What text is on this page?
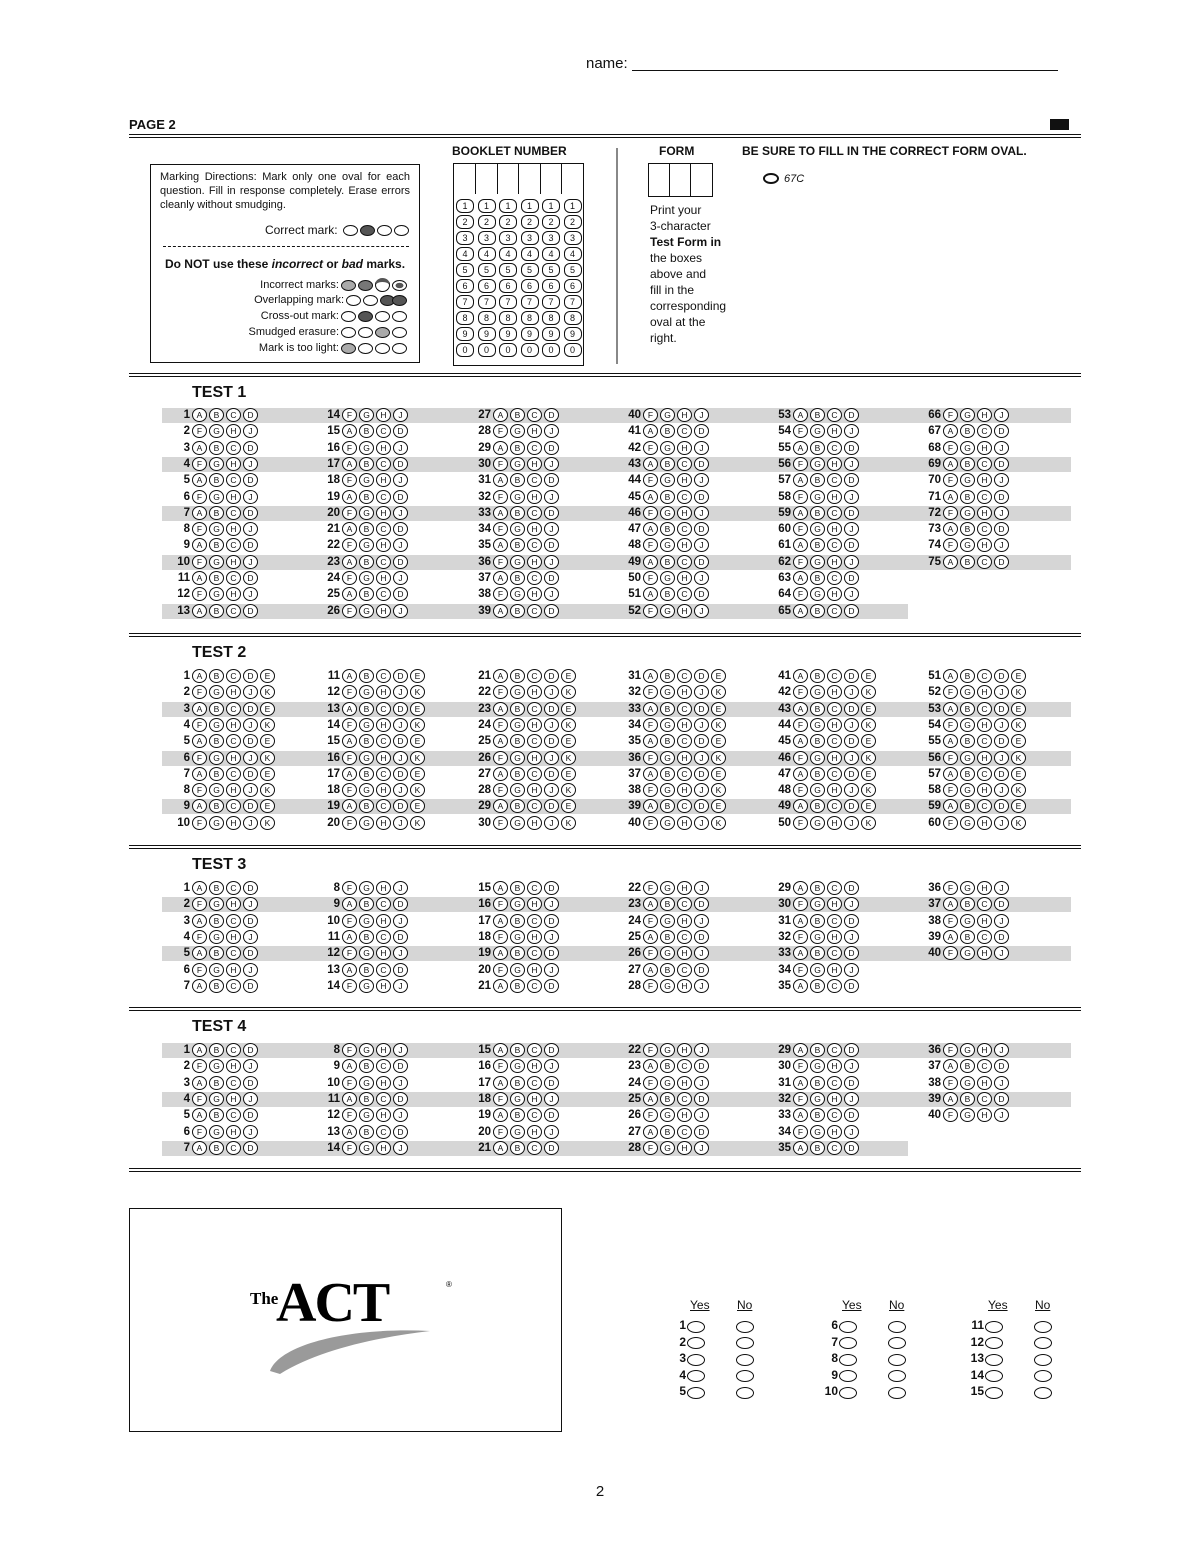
name:
PAGE 2
Marking Directions: Mark only one oval for each question. Fill in response completely. Erase errors cleanly without smudging.
Correct mark:
Do NOT use these incorrect or bad marks.
Incorrect marks:
Overlapping mark:
Cross-out mark:
Smudged erasure:
Mark is too light:
BOOKLET NUMBER
1
2
3
4
5
6
7
8
9
0
1
2
3
4
5
6
7
8
9
0
1
2
3
4
5
6
7
8
9
0
1
2
3
4
5
6
7
8
9
0
1
2
3
4
5
6
7
8
9
0
1
2
3
4
5
6
7
8
9
0
FORM
Print your
3-character
Test Form in
the boxes
above and
fill in the
corresponding
oval at the
right.
BE SURE TO FILL IN THE CORRECT FORM OVAL.
67C
TEST 1
TEST 2
TEST 3
TEST 4
1 A B C D
2 F G H J
3 A B C D
4 F G H J
5 A B C D
6 F G H J
7 A B C D
8 F G H J
9 A B C D
10 F G H J
11 A B C D
12 F G H J
13 A B C D
14 F G H J
15 A B C D
16 F G H J
17 A B C D
18 F G H J
19 A B C D
20 F G H J
21 A B C D
22 F G H J
23 A B C D
24 F G H J
25 A B C D
26 F G H J
27 A B C D
28 F G H J
29 A B C D
30 F G H J
31 A B C D
32 F G H J
33 A B C D
34 F G H J
35 A B C D
36 F G H J
37 A B C D
38 F G H J
39 A B C D
40 F G H J
41 A B C D
42 F G H J
43 A B C D
44 F G H J
45 A B C D
46 F G H J
47 A B C D
48 F G H J
49 A B C D
50 F G H J
51 A B C D
52 F G H J
53 A B C D
54 F G H J
55 A B C D
56 F G H J
57 A B C D
58 F G H J
59 A B C D
60 F G H J
61 A B C D
62 F G H J
63 A B C D
64 F G H J
65 A B C D
66 F G H J
67 A B C D
68 F G H J
69 A B C D
70 F G H J
71 A B C D
72 F G H J
73 A B C D
74 F G H J
75 A B C D
1 A B C D E
2 F G H J K
3 A B C D E
4 F G H J K
5 A B C D E
6 F G H J K
7 A B C D E
8 F G H J K
9 A B C D E
10 F G H J K
11 A B C D E
12 F G H J K
13 A B C D E
14 F G H J K
15 A B C D E
16 F G H J K
17 A B C D E
18 F G H J K
19 A B C D E
20 F G H J K
21 A B C D E
22 F G H J K
23 A B C D E
24 F G H J K
25 A B C D E
26 F G H J K
27 A B C D E
28 F G H J K
29 A B C D E
30 F G H J K
31 A B C D E
32 F G H J K
33 A B C D E
34 F G H J K
35 A B C D E
36 F G H J K
37 A B C D E
38 F G H J K
39 A B C D E
40 F G H J K
41 A B C D E
42 F G H J K
43 A B C D E
44 F G H J K
45 A B C D E
46 F G H J K
47 A B C D E
48 F G H J K
49 A B C D E
50 F G H J K
51 A B C D E
52 F G H J K
53 A B C D E
54 F G H J K
55 A B C D E
56 F G H J K
57 A B C D E
58 F G H J K
59 A B C D E
60 F G H J K
1 A B C D
2 F G H J
3 A B C D
4 F G H J
5 A B C D
6 F G H J
7 A B C D
8 F G H J
9 A B C D
10 F G H J
11 A B C D
12 F G H J
13 A B C D
14 F G H J
15 A B C D
16 F G H J
17 A B C D
18 F G H J
19 A B C D
20 F G H J
21 A B C D
22 F G H J
23 A B C D
24 F G H J
25 A B C D
26 F G H J
27 A B C D
28 F G H J
29 A B C D
30 F G H J
31 A B C D
32 F G H J
33 A B C D
34 F G H J
35 A B C D
36 F G H J
37 A B C D
38 F G H J
39 A B C D
40 F G H J
1 A B C D
2 F G H J
3 A B C D
4 F G H J
5 A B C D
6 F G H J
7 A B C D
8 F G H J
9 A B C D
10 F G H J
11 A B C D
12 F G H J
13 A B C D
14 F G H J
15 A B C D
16 F G H J
17 A B C D
18 F G H J
19 A B C D
20 F G H J
21 A B C D
22 F G H J
23 A B C D
24 F G H J
25 A B C D
26 F G H J
27 A B C D
28 F G H J
29 A B C D
30 F G H J
31 A B C D
32 F G H J
33 A B C D
34 F G H J
35 A B C D
36 F G H J
37 A B C D
38 F G H J
39 A B C D
40 F G H J
The
ACT	®
Yes No
1
2
3
4
5
Yes No
6
7
8
9
10
Yes No
11
12
13
14
15
2
